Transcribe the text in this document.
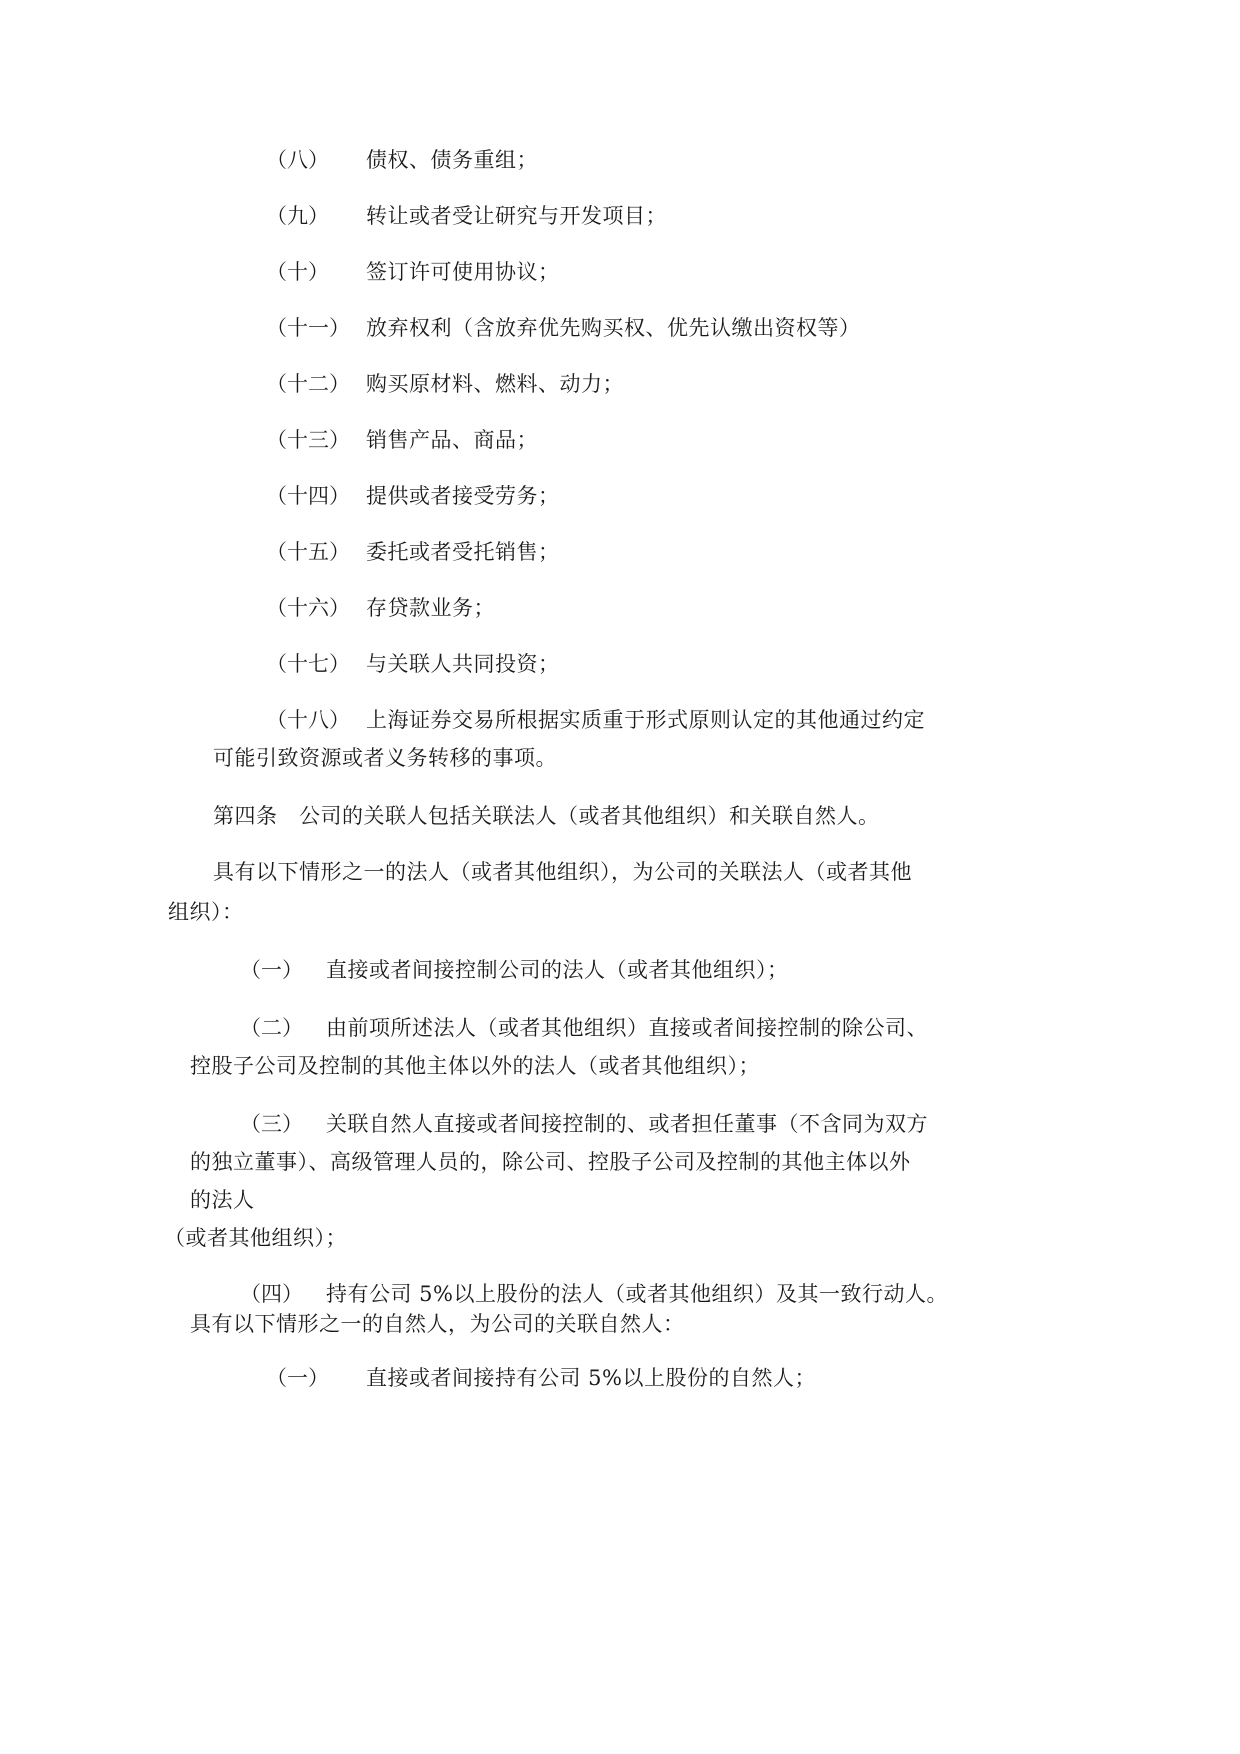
（八） 债权、债务重组；
（九） 转让或者受让研究与开发项目；
（十） 签订许可使用协议；
（十一） 放弃权利（含放弃优先购买权、优先认缴出资权等）
（十二） 购买原材料、燃料、动力；
（十三） 销售产品、商品；
（十四） 提供或者接受劳务；
（十五） 委托或者受托销售；
（十六） 存贷款业务；
（十七） 与关联人共同投资；
（十八） 上海证券交易所根据实质重于形式原则认定的其他通过约定
可能引致资源或者义务转移的事项。
第四条　公司的关联人包括关联法人（或者其他组织）和关联自然人。
具有以下情形之一的法人（或者其他组织），为公司的关联法人（或者其他
组织）：
（一） 直接或者间接控制公司的法人（或者其他组织）；
（二） 由前项所述法人（或者其他组织）直接或者间接控制的除公司、
控股子公司及控制的其他主体以外的法人（或者其他组织）；
（三） 关联自然人直接或者间接控制的、或者担任董事（不含同为双方
的独立董事）、高级管理人员的，除公司、控股子公司及控制的其他主体以外
的法人
（或者其他组织）；
（四） 持有公司 5%以上股份的法人（或者其他组织）及其一致行动人。
具有以下情形之一的自然人，为公司的关联自然人：
（一） 直接或者间接持有公司 5%以上股份的自然人；
